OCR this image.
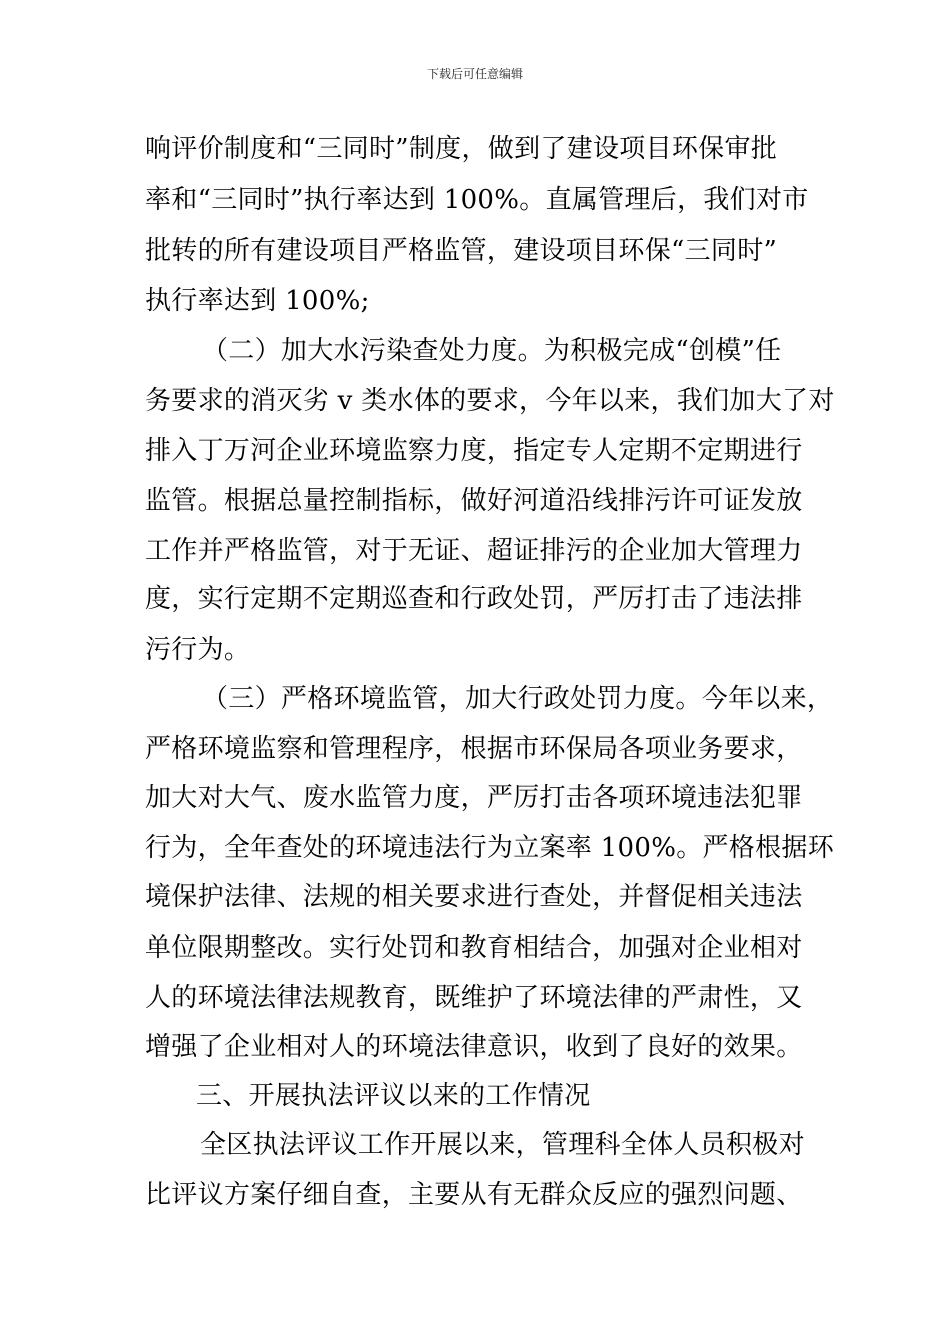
下载后可任意编辑
响评价制度和“三同时”制度，做到了建设项目环保审批
率和“三同时”执行率达到 100%。直属管理后，我们对市
批转的所有建设项目严格监管，建设项目环保“三同时”
执行率达到 100%;
（二）加大水污染查处力度。为积极完成“创模”任
务要求的消灭劣 v 类水体的要求，今年以来，我们加大了对
排入丁万河企业环境监察力度，指定专人定期不定期进行
监管。根据总量控制指标，做好河道沿线排污许可证发放
工作并严格监管，对于无证、超证排污的企业加大管理力
度，实行定期不定期巡查和行政处罚，严厉打击了违法排
污行为。
（三）严格环境监管，加大行政处罚力度。今年以来，
严格环境监察和管理程序，根据市环保局各项业务要求，
加大对大气、废水监管力度，严厉打击各项环境违法犯罪
行为，全年查处的环境违法行为立案率 100%。严格根据环
境保护法律、法规的相关要求进行查处，并督促相关违法
单位限期整改。实行处罚和教育相结合，加强对企业相对
人的环境法律法规教育，既维护了环境法律的严肃性，又
增强了企业相对人的环境法律意识，收到了良好的效果。
三、开展执法评议以来的工作情况
全区执法评议工作开展以来，管理科全体人员积极对
比评议方案仔细自查，主要从有无群众反应的强烈问题、
